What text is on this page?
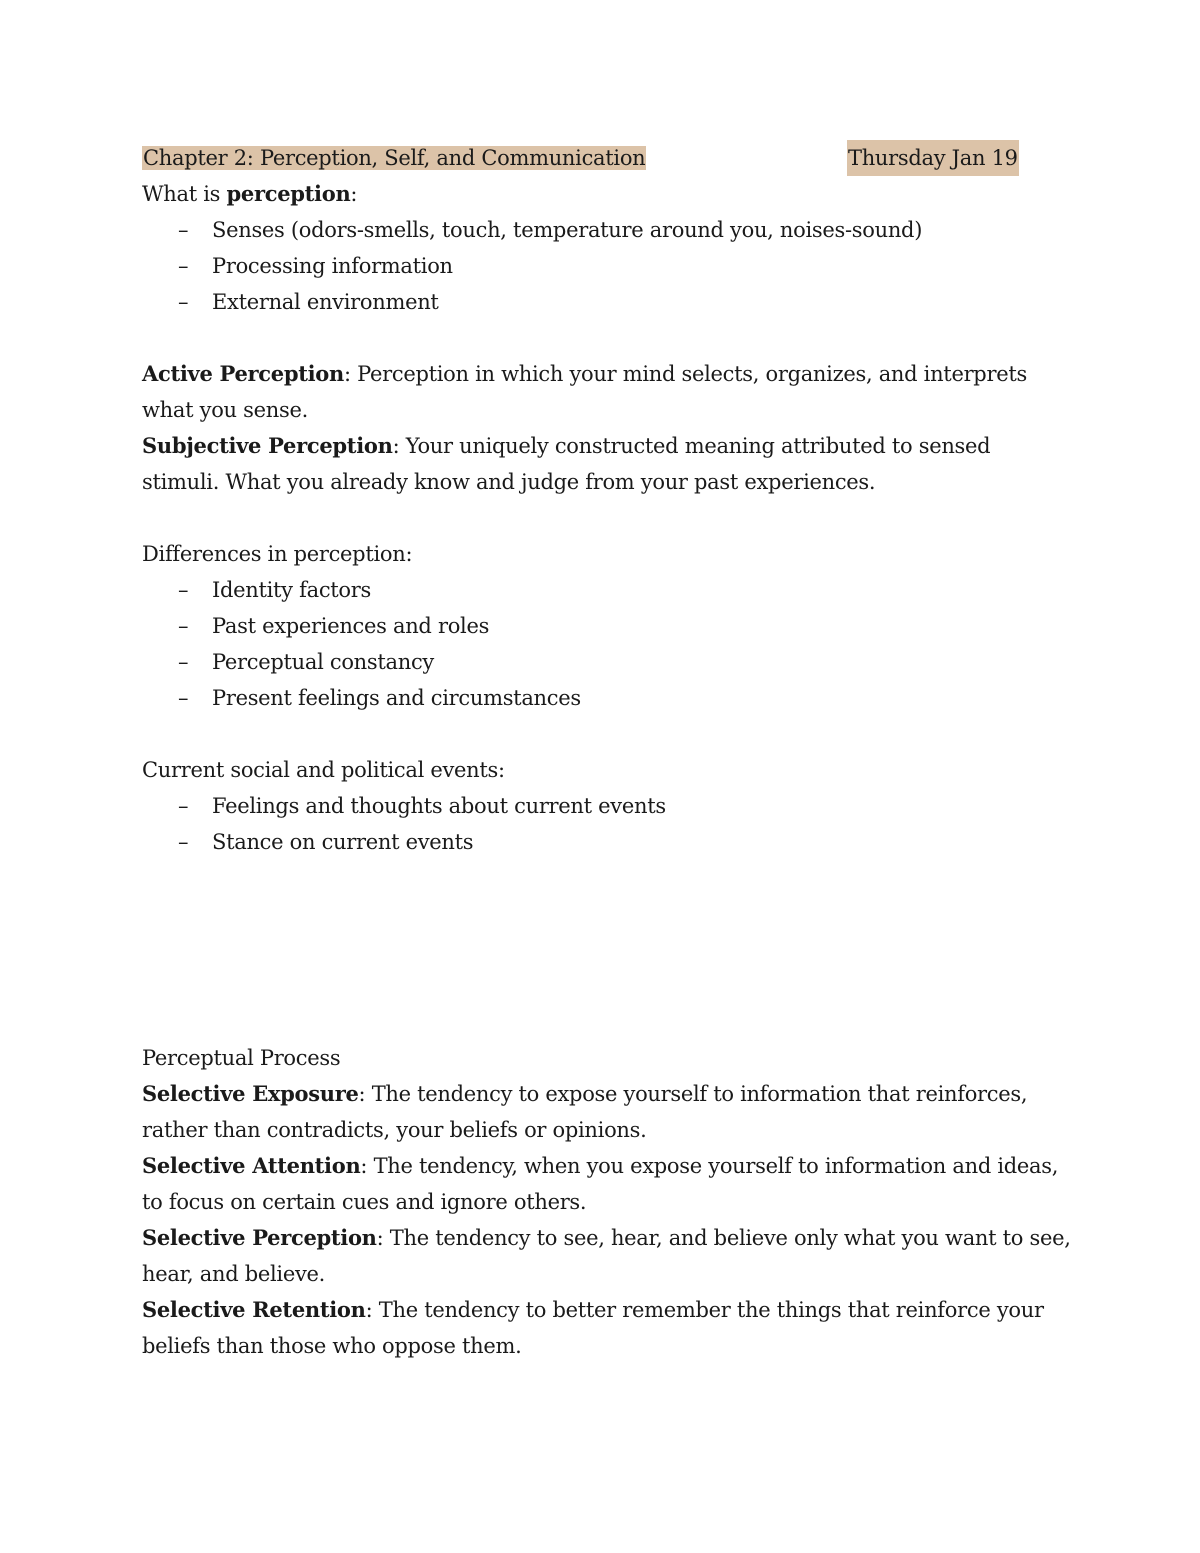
Chapter 2: Perception, Self, and Communication	Thursday Jan 19
What is perception:
– Senses (odors-smells, touch, temperature around you, noises-sound)
– Processing information
– External environment
Active Perception: Perception in which your mind selects, organizes, and interprets what you sense.
Subjective Perception: Your uniquely constructed meaning attributed to sensed stimuli. What you already know and judge from your past experiences.
Differences in perception:
– Identity factors
– Past experiences and roles
– Perceptual constancy
– Present feelings and circumstances
Current social and political events:
– Feelings and thoughts about current events
– Stance on current events
Perceptual Process
Selective Exposure: The tendency to expose yourself to information that reinforces, rather than contradicts, your beliefs or opinions.
Selective Attention: The tendency, when you expose yourself to information and ideas, to focus on certain cues and ignore others.
Selective Perception: The tendency to see, hear, and believe only what you want to see, hear, and believe.
Selective Retention: The tendency to better remember the things that reinforce your beliefs than those who oppose them.
